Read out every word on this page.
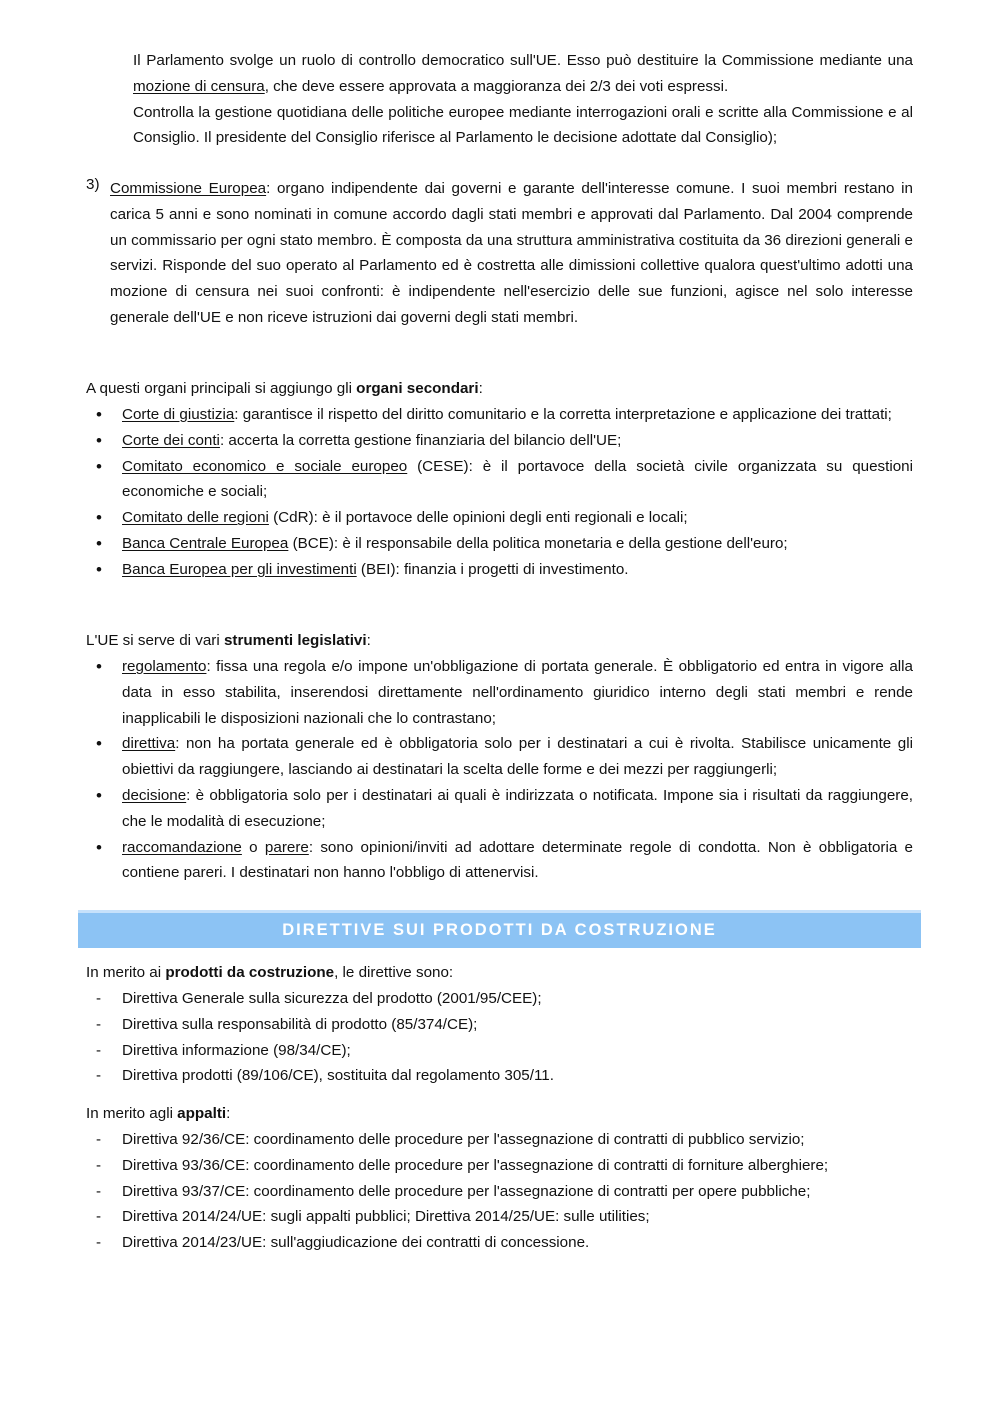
Il Parlamento svolge un ruolo di controllo democratico sull'UE. Esso può destituire la Commissione mediante una mozione di censura, che deve essere approvata a maggioranza dei 2/3 dei voti espressi.

Controlla la gestione quotidiana delle politiche europee mediante interrogazioni orali e scritte alla Commissione e al Consiglio. Il presidente del Consiglio riferisce al Parlamento le decisione adottate dal Consiglio);

3) Commissione Europea: organo indipendente dai governi e garante dell'interesse comune. I suoi membri restano in carica 5 anni e sono nominati in comune accordo dagli stati membri e approvati dal Parlamento. Dal 2004 comprende un commissario per ogni stato membro. È composta da una struttura amministrativa costituita da 36 direzioni generali e servizi. Risponde del suo operato al Parlamento ed è costretta alle dimissioni collettive qualora quest'ultimo adotti una mozione di censura nei suoi confronti: è indipendente nell'esercizio delle sue funzioni, agisce nel solo interesse generale dell'UE e non riceve istruzioni dai governi degli stati membri.

A questi organi principali si aggiungo gli organi secondari:

• Corte di giustizia: garantisce il rispetto del diritto comunitario e la corretta interpretazione e applicazione dei trattati;
• Corte dei conti: accerta la corretta gestione finanziaria del bilancio dell'UE;
• Comitato economico e sociale europeo (CESE): è il portavoce della società civile organizzata su questioni economiche e sociali;
• Comitato delle regioni (CdR): è il portavoce delle opinioni degli enti regionali e locali;
• Banca Centrale Europea (BCE): è il responsabile della politica monetaria e della gestione dell'euro;
• Banca Europea per gli investimenti (BEI): finanzia i progetti di investimento.

L'UE si serve di vari strumenti legislativi:

• regolamento: fissa una regola e/o impone un'obbligazione di portata generale. È obbligatorio ed entra in vigore alla data in esso stabilita, inserendosi direttamente nell'ordinamento giuridico interno degli stati membri e rende inapplicabili le disposizioni nazionali che lo contrastano;
• direttiva: non ha portata generale ed è obbligatoria solo per i destinatari a cui è rivolta. Stabilisce unicamente gli obiettivi da raggiungere, lasciando ai destinatari la scelta delle forme e dei mezzi per raggiungerli;
• decisione: è obbligatoria solo per i destinatari ai quali è indirizzata o notificata. Impone sia i risultati da raggiungere, che le modalità di esecuzione;
• raccomandazione o parere: sono opinioni/inviti ad adottare determinate regole di condotta. Non è obbligatoria e contiene pareri. I destinatari non hanno l'obbligo di attenervisi.
DIRETTIVE SUI PRODOTTI DA COSTRUZIONE

In merito ai prodotti da costruzione, le direttive sono:

- Direttiva Generale sulla sicurezza del prodotto (2001/95/CEE);
- Direttiva sulla responsabilità di prodotto (85/374/CE);
- Direttiva informazione (98/34/CE);
- Direttiva prodotti (89/106/CE), sostituita dal regolamento 305/11.

In merito agli appalti:

- Direttiva 92/36/CE: coordinamento delle procedure per l'assegnazione di contratti di pubblico servizio;
- Direttiva 93/36/CE: coordinamento delle procedure per l'assegnazione di contratti di forniture alberghiere;
- Direttiva 93/37/CE: coordinamento delle procedure per l'assegnazione di contratti per opere pubbliche;
- Direttiva 2014/24/UE: sugli appalti pubblici; Direttiva 2014/25/UE: sulle utilities;
- Direttiva 2014/23/UE: sull'aggiudicazione dei contratti di concessione.
